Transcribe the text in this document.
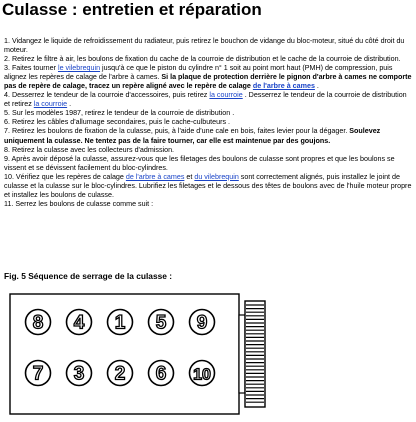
Culasse : entretien et réparation

1. Vidangez le liquide de refroidissement du radiateur, puis retirez le bouchon de vidange du bloc-moteur, situé du côté droit du moteur.

2. Retirez le filtre à air, les boulons de fixation du cache de la courroie de distribution et le cache de la courroie de distribution.

3. Faites tourner le vilebrequin jusqu'à ce que le piston du cylindre n° 1 soit au point mort haut (PMH) de compression, puis alignez les repères de calage de l'arbre à cames. Si la plaque de protection derrière le pignon d'arbre à cames ne comporte pas de repère de calage, tracez un repère aligné avec le repère de calage de l'arbre à cames .

4. Desserrez le tendeur de la courroie d'accessoires, puis retirez la courroie . Desserrez le tendeur de la courroie de distribution et retirez la courroie .

5. Sur les modèles 1987, retirez le tendeur de la courroie de distribution .

6. Retirez les câbles d'allumage secondaires, puis le cache-culbuteurs .

7. Retirez les boulons de fixation de la culasse, puis, à l'aide d'une cale en bois, faites levier pour la dégager. Soulevez uniquement la culasse. Ne tentez pas de la faire tourner, car elle est maintenue par des goujons.

8. Retirez la culasse avec les collecteurs d'admission.

9. Après avoir déposé la culasse, assurez-vous que les filetages des boulons de culasse sont propres et que les boulons se vissent et se dévissent facilement du bloc-cylindres.

10. Vérifiez que les repères de calage de l'arbre à cames et du vilebrequin sont correctement alignés, puis installez le joint de culasse et la culasse sur le bloc-cylindres. Lubrifiez les filetages et le dessous des têtes de boulons avec de l'huile moteur propre et installez les boulons de culasse.

11. Serrez les boulons de culasse comme suit :

Fig. 5 Séquence de serrage de la culasse :
8 4 1 5 9
7 3 2 6 10
